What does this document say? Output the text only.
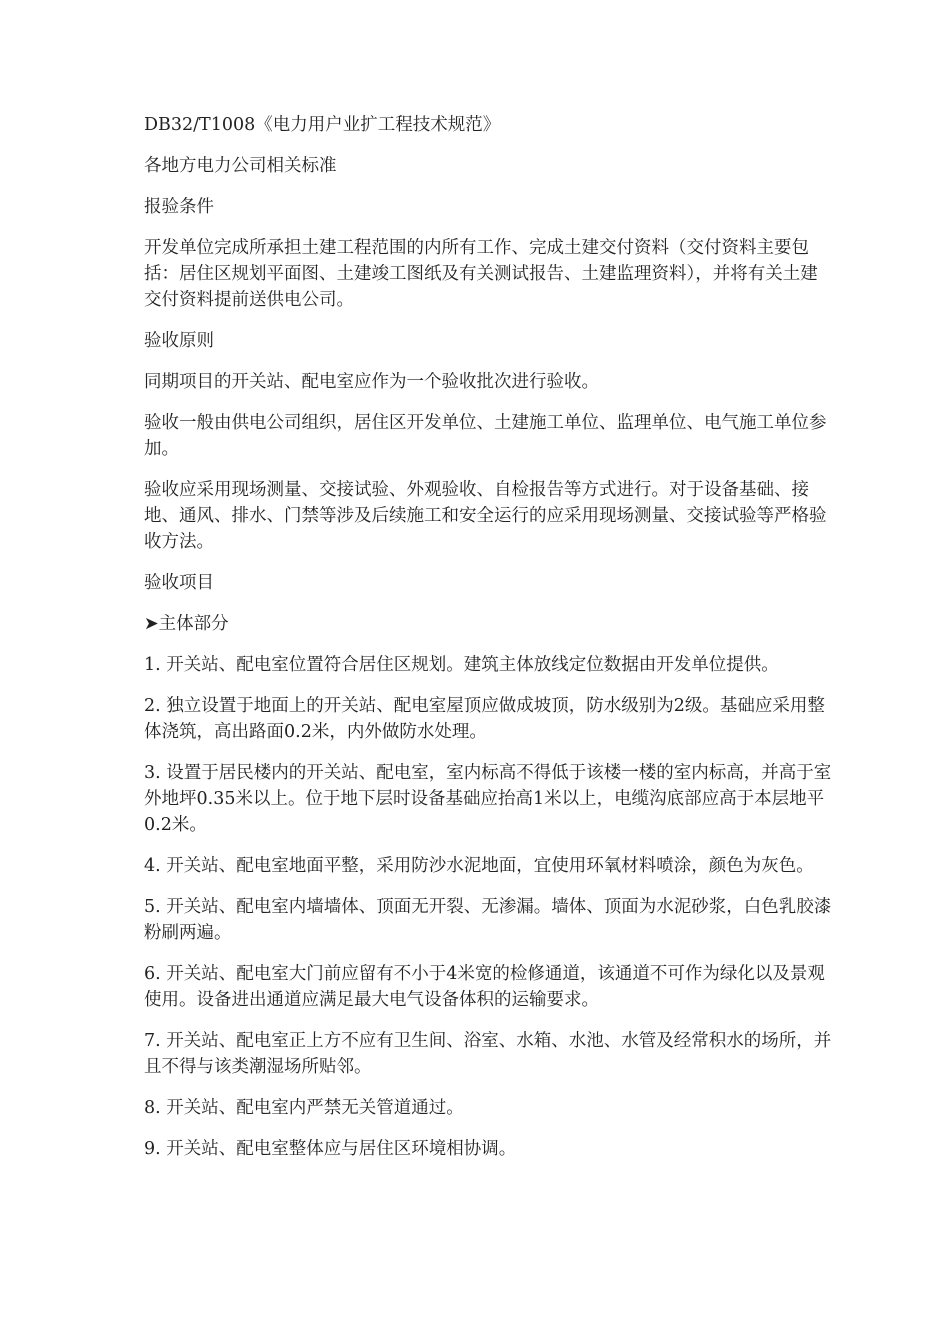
DB32/T1008《电力用户业扩工程技术规范》

各地方电力公司相关标准

报验条件

开发单位完成所承担土建工程范围的内所有工作、完成土建交付资料（交付资料主要包括：居住区规划平面图、土建竣工图纸及有关测试报告、土建监理资料），并将有关土建交付资料提前送供电公司。

验收原则

同期项目的开关站、配电室应作为一个验收批次进行验收。

验收一般由供电公司组织，居住区开发单位、土建施工单位、监理单位、电气施工单位参加。

验收应采用现场测量、交接试验、外观验收、自检报告等方式进行。对于设备基础、接地、通风、排水、门禁等涉及后续施工和安全运行的应采用现场测量、交接试验等严格验收方法。

验收项目

➤主体部分

1. 开关站、配电室位置符合居住区规划。建筑主体放线定位数据由开发单位提供。

2. 独立设置于地面上的开关站、配电室屋顶应做成坡顶，防水级别为2级。基础应采用整体浇筑，高出路面0.2米，内外做防水处理。

3. 设置于居民楼内的开关站、配电室，室内标高不得低于该楼一楼的室内标高，并高于室外地坪0.35米以上。位于地下层时设备基础应抬高1米以上，电缆沟底部应高于本层地平0.2米。

4. 开关站、配电室地面平整，采用防沙水泥地面，宜使用环氧材料喷涂，颜色为灰色。

5. 开关站、配电室内墙墙体、顶面无开裂、无渗漏。墙体、顶面为水泥砂浆，白色乳胶漆粉刷两遍。

6. 开关站、配电室大门前应留有不小于4米宽的检修通道，该通道不可作为绿化以及景观使用。设备进出通道应满足最大电气设备体积的运输要求。

7. 开关站、配电室正上方不应有卫生间、浴室、水箱、水池、水管及经常积水的场所，并且不得与该类潮湿场所贴邻。

8. 开关站、配电室内严禁无关管道通过。

9. 开关站、配电室整体应与居住区环境相协调。
